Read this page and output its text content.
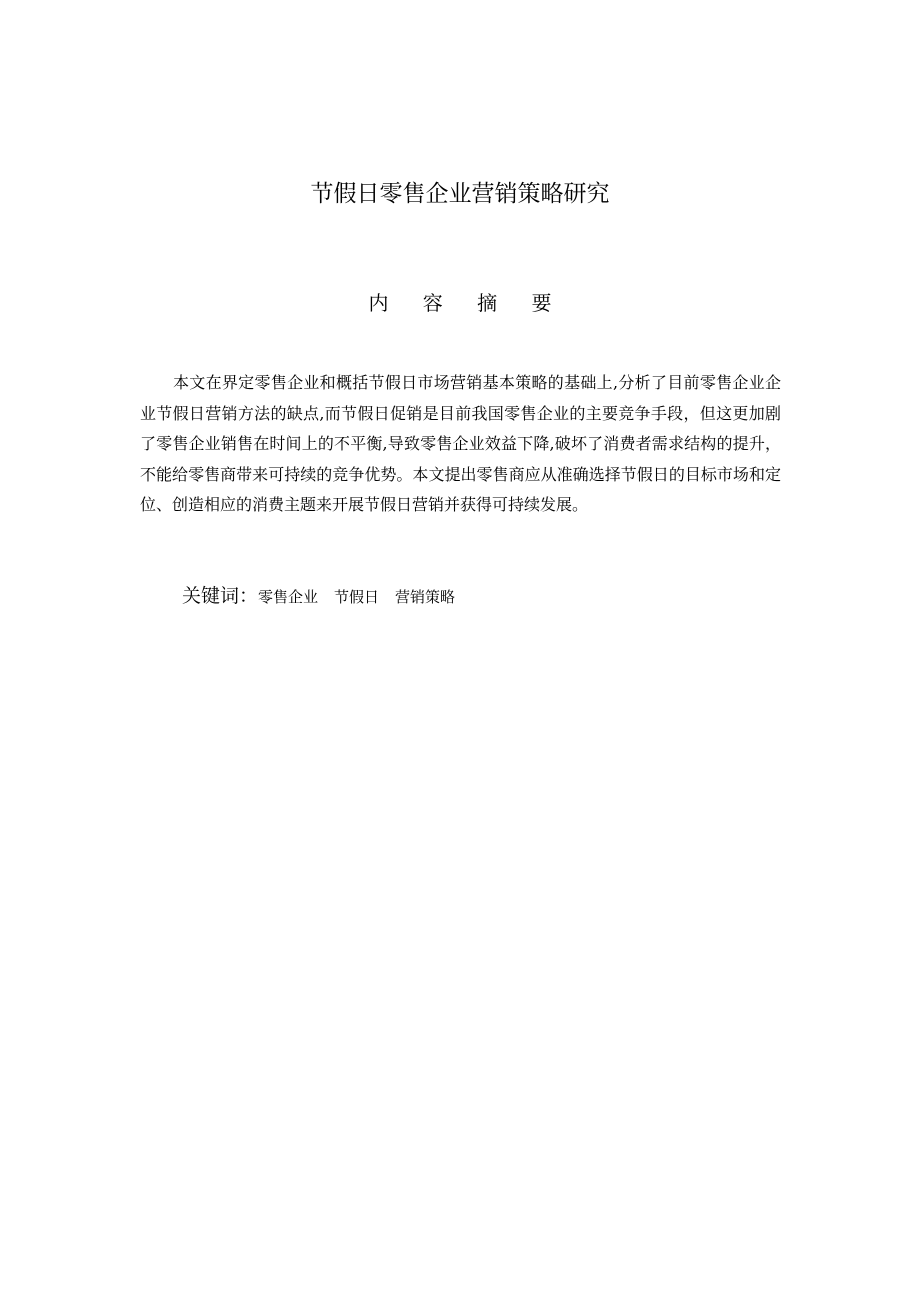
节假日零售企业营销策略研究
内 容 摘 要

本文在界定零售企业和概括节假日市场营销基本策略的基础上,分析了目前零售企业企业节假日营销方法的缺点,而节假日促销是目前我国零售企业的主要竞争手段，但这更加剧了零售企业销售在时间上的不平衡,导致零售企业效益下降,破坏了消费者需求结构的提升，不能给零售商带来可持续的竞争优势。本文提出零售商应从准确选择节假日的目标市场和定位、创造相应的消费主题来开展节假日营销并获得可持续发展。

关键词：零售企业 节假日 营销策略
